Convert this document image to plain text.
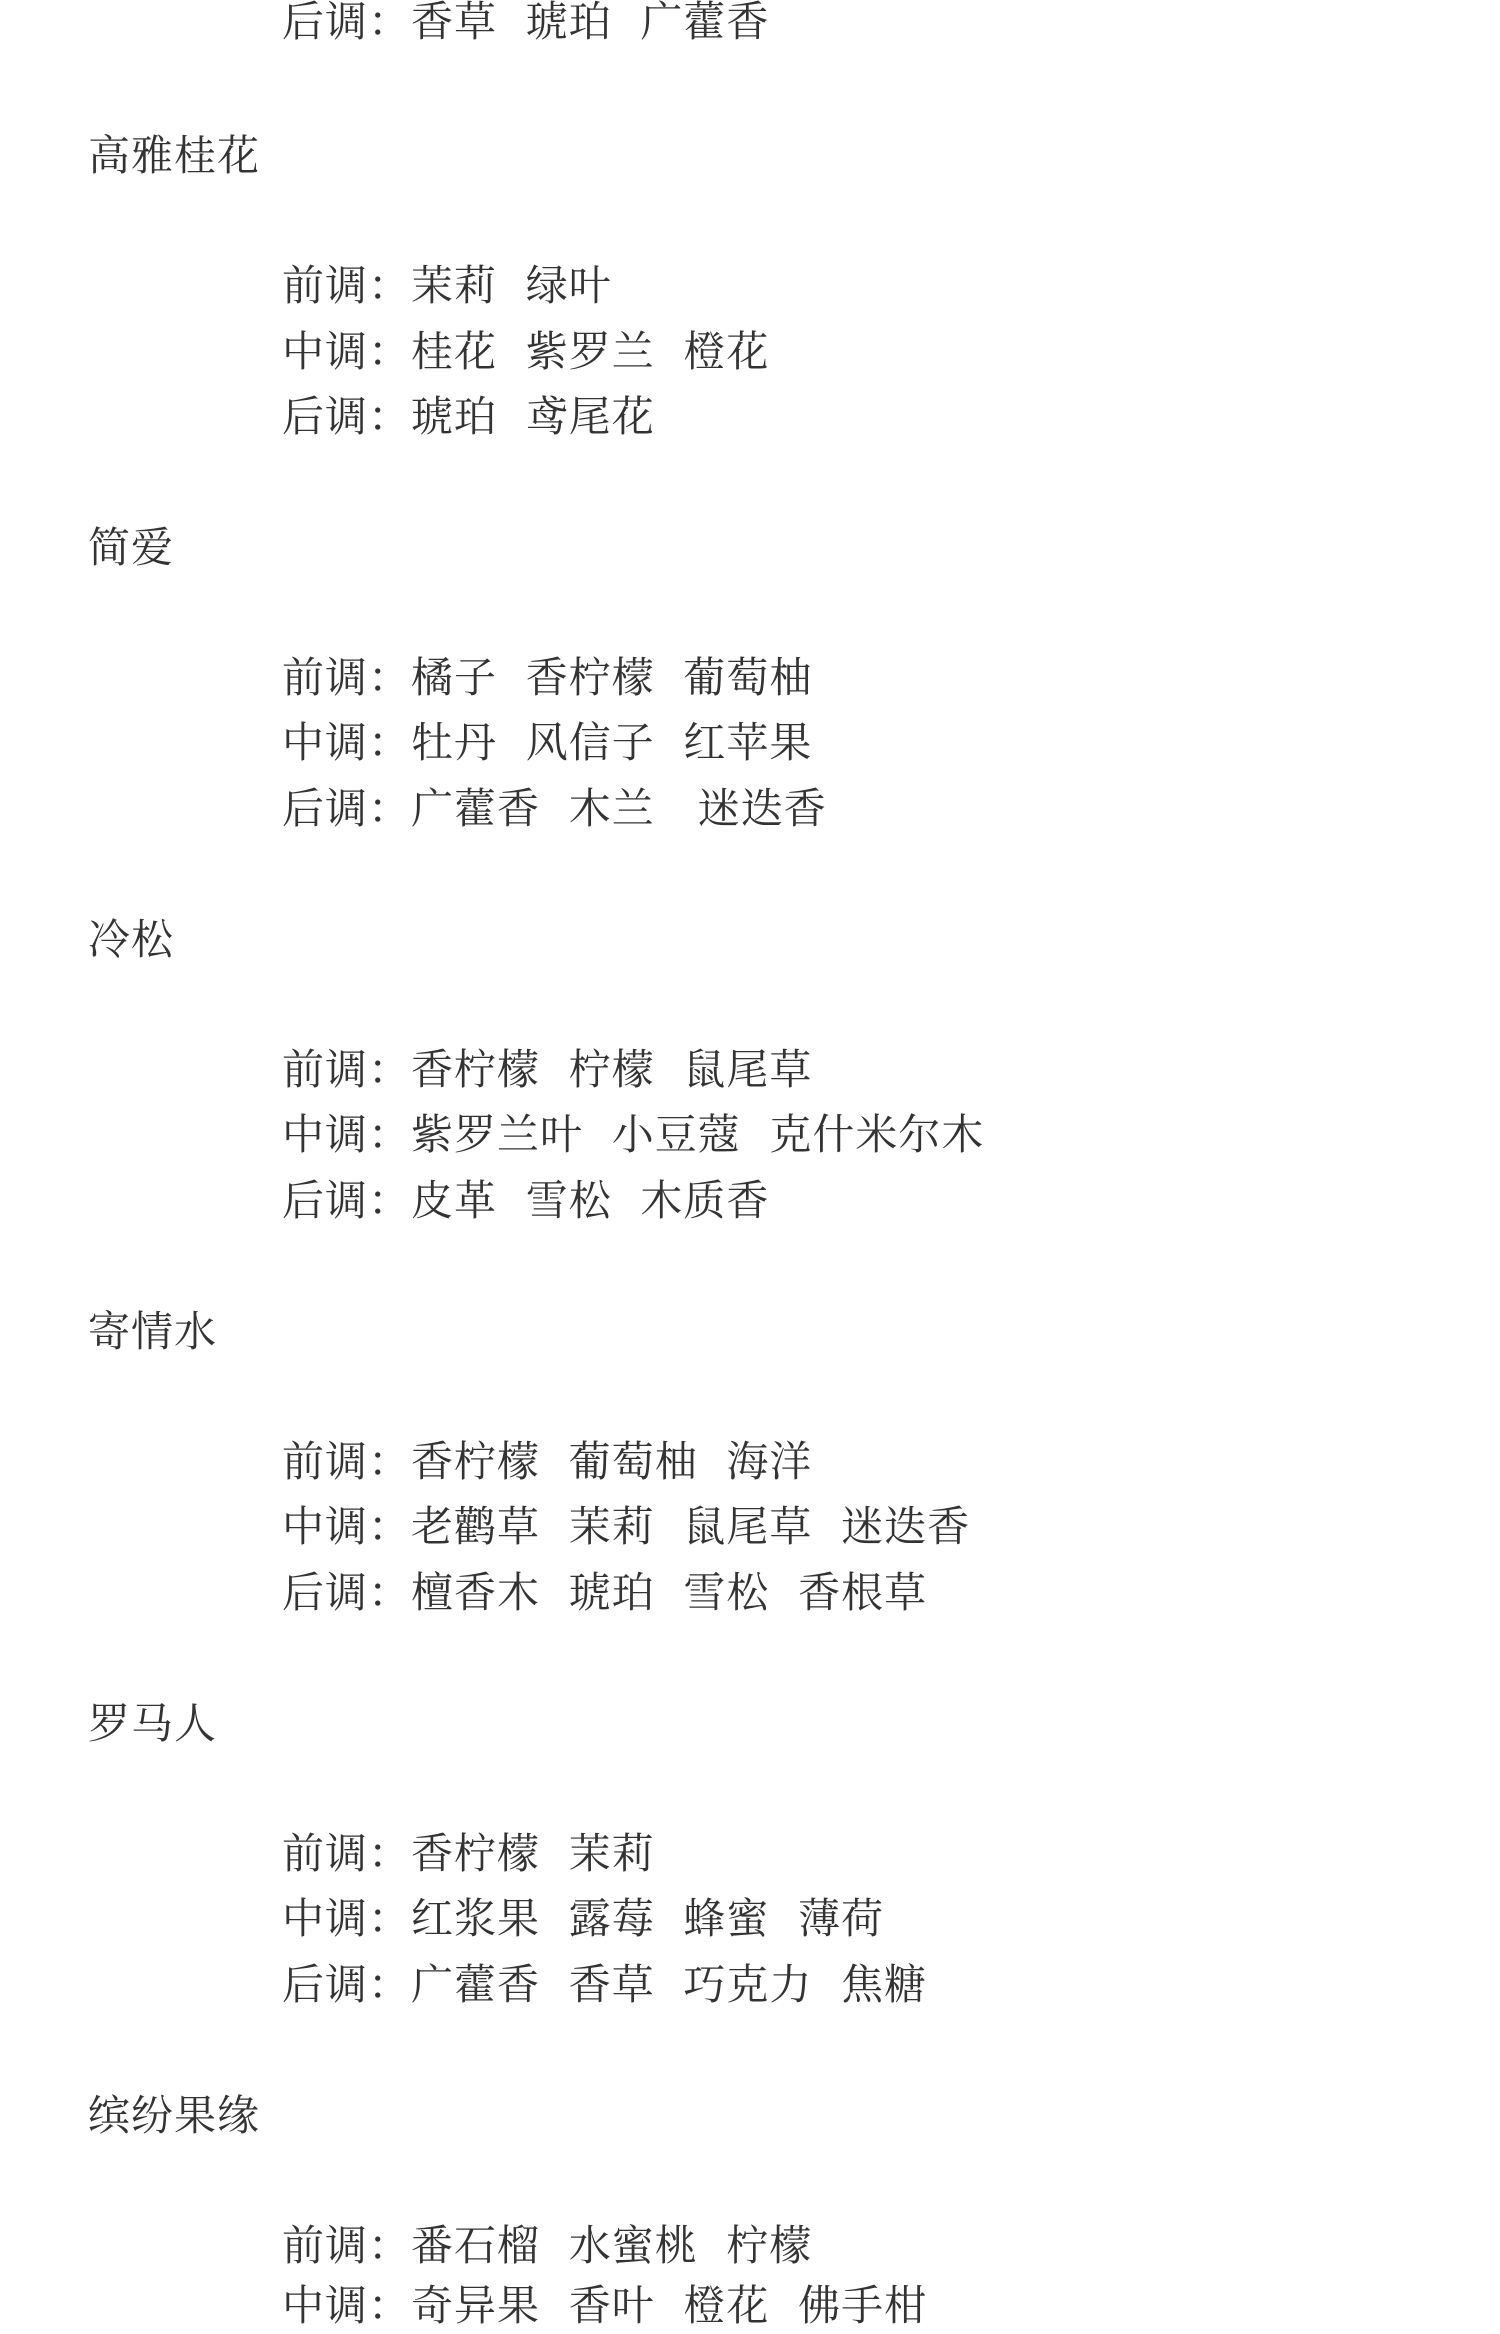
后调：香草  琥珀  广藿香
高雅桂花
前调：茉莉  绿叶
中调：桂花  紫罗兰  橙花
后调：琥珀  鸢尾花
简爱
前调：橘子  香柠檬  葡萄柚
中调：牡丹  风信子  红苹果
后调：广藿香  木兰   迷迭香
冷松
前调：香柠檬  柠檬  鼠尾草
中调：紫罗兰叶  小豆蔻  克什米尔木
后调：皮革  雪松  木质香
寄情水
前调：香柠檬  葡萄柚  海洋
中调：老鹳草  茉莉  鼠尾草  迷迭香
后调：檀香木  琥珀  雪松  香根草
罗马人
前调：香柠檬  茉莉
中调：红浆果  露莓  蜂蜜  薄荷
后调：广藿香  香草  巧克力  焦糖
缤纷果缘
前调：番石榴  水蜜桃  柠檬
中调：奇异果  香叶  橙花  佛手柑
